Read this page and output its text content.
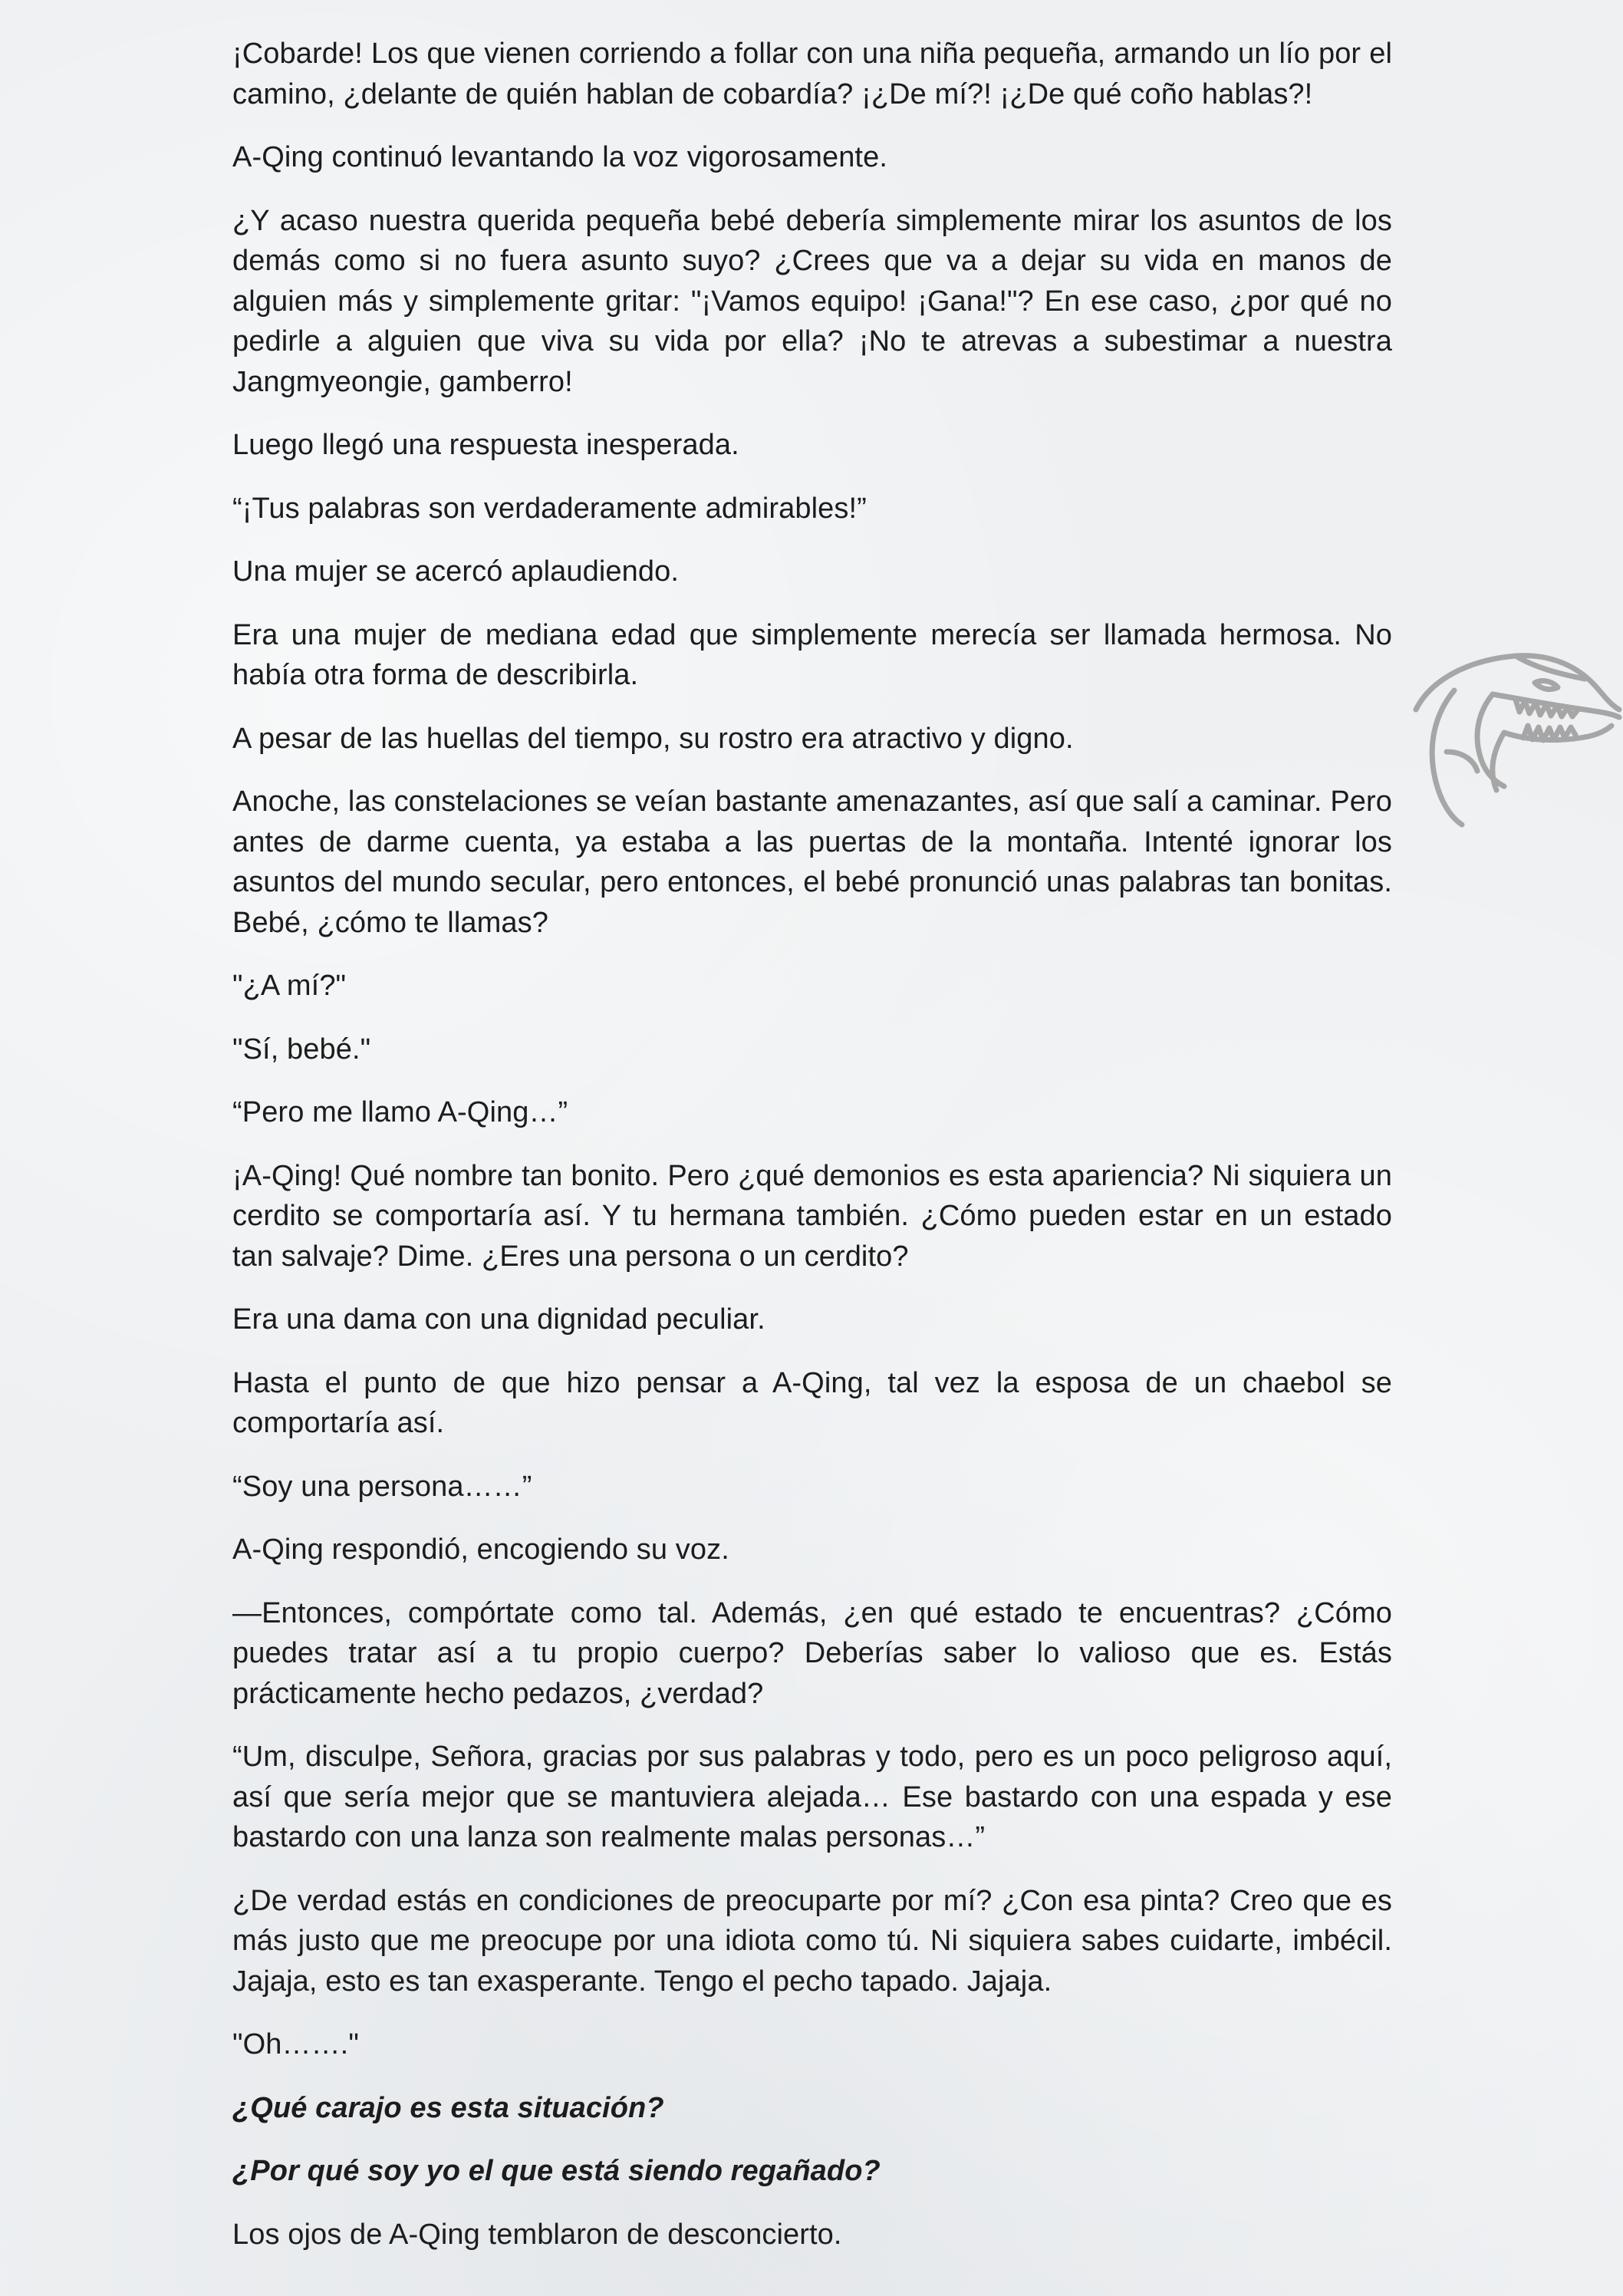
¡Cobarde! Los que vienen corriendo a follar con una niña pequeña, armando un lío por el camino, ¿delante de quién hablan de cobardía? ¡¿De mí?! ¡¿De qué coño hablas?!

A-Qing continuó levantando la voz vigorosamente.

¿Y acaso nuestra querida pequeña bebé debería simplemente mirar los asuntos de los demás como si no fuera asunto suyo? ¿Crees que va a dejar su vida en manos de alguien más y simplemente gritar: "¡Vamos equipo! ¡Gana!"? En ese caso, ¿por qué no pedirle a alguien que viva su vida por ella? ¡No te atrevas a subestimar a nuestra Jangmyeongie, gamberro!

Luego llegó una respuesta inesperada.

“¡Tus palabras son verdaderamente admirables!”

Una mujer se acercó aplaudiendo.

Era una mujer de mediana edad que simplemente merecía ser llamada hermosa. No había otra forma de describirla.

A pesar de las huellas del tiempo, su rostro era atractivo y digno.

Anoche, las constelaciones se veían bastante amenazantes, así que salí a caminar. Pero antes de darme cuenta, ya estaba a las puertas de la montaña. Intenté ignorar los asuntos del mundo secular, pero entonces, el bebé pronunció unas palabras tan bonitas. Bebé, ¿cómo te llamas?

"¿A mí?"

"Sí, bebé."

“Pero me llamo A-Qing…”

¡A-Qing! Qué nombre tan bonito. Pero ¿qué demonios es esta apariencia? Ni siquiera un cerdito se comportaría así. Y tu hermana también. ¿Cómo pueden estar en un estado tan salvaje? Dime. ¿Eres una persona o un cerdito?

Era una dama con una dignidad peculiar.

Hasta el punto de que hizo pensar a A-Qing, tal vez la esposa de un chaebol se comportaría así.

“Soy una persona……”

A-Qing respondió, encogiendo su voz.

—Entonces, compórtate como tal. Además, ¿en qué estado te encuentras? ¿Cómo puedes tratar así a tu propio cuerpo? Deberías saber lo valioso que es. Estás prácticamente hecho pedazos, ¿verdad?

“Um, disculpe, Señora, gracias por sus palabras y todo, pero es un poco peligroso aquí, así que sería mejor que se mantuviera alejada… Ese bastardo con una espada y ese bastardo con una lanza son realmente malas personas…”

¿De verdad estás en condiciones de preocuparte por mí? ¿Con esa pinta? Creo que es más justo que me preocupe por una idiota como tú. Ni siquiera sabes cuidarte, imbécil. Jajaja, esto es tan exasperante. Tengo el pecho tapado. Jajaja.

"Oh……."

¿Qué carajo es esta situación?

¿Por qué soy yo el que está siendo regañado?

Los ojos de A-Qing temblaron de desconcierto.
